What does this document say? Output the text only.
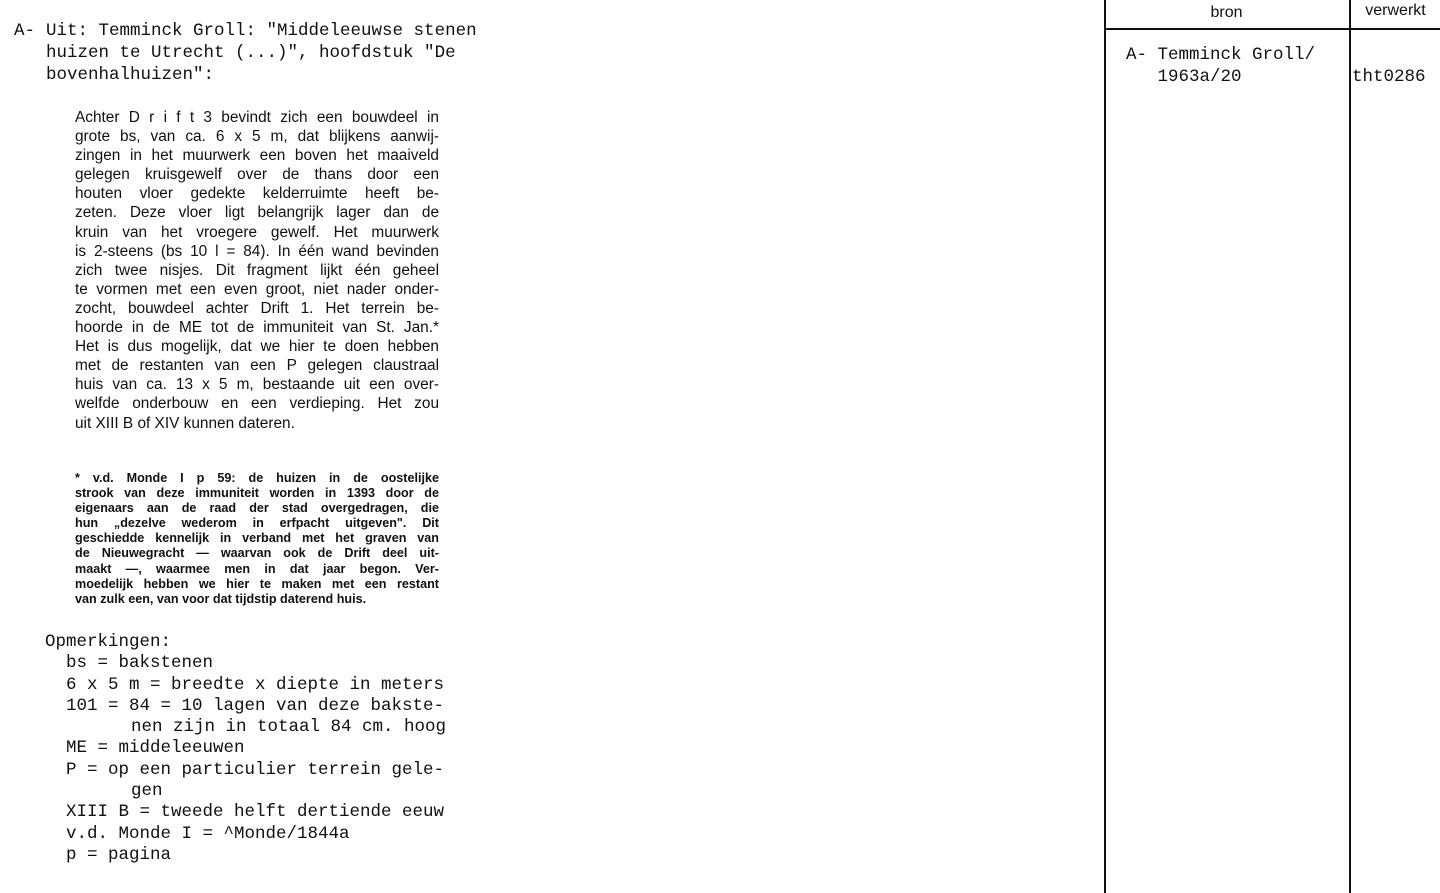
A- Uit: Temminck Groll: "Middeleeuwse stenen
huizen te Utrecht (...)", hoofdstuk "De
bovenhalhuizen":
Achter D r i f t 3 bevindt zich een bouwdeel in
grote bs, van ca. 6 x 5 m, dat blijkens aanwij-
zingen in het muurwerk een boven het maaiveld
gelegen kruisgewelf over de thans door een
houten vloer gedekte kelderruimte heeft be-
zeten. Deze vloer ligt belangrijk lager dan de
kruin van het vroegere gewelf. Het muurwerk
is 2-steens (bs 10 l = 84). In één wand bevinden
zich twee nisjes. Dit fragment lijkt één geheel
te vormen met een even groot, niet nader onder-
zocht, bouwdeel achter Drift 1. Het terrein be-
hoorde in de ME tot de immuniteit van St. Jan.*
Het is dus mogelijk, dat we hier te doen hebben
met de restanten van een P gelegen claustraal
huis van ca. 13 x 5 m, bestaande uit een over-
welfde onderbouw en een verdieping. Het zou
uit XIII B of XIV kunnen dateren.
* v.d. Monde I p 59: de huizen in de oostelijke
strook van deze immuniteit worden in 1393 door de
eigenaars aan de raad der stad overgedragen, die
hun „dezelve wederom in erfpacht uitgeven". Dit
geschiedde kennelijk in verband met het graven van
de Nieuwegracht — waarvan ook de Drift deel uit-
maakt —, waarmee men in dat jaar begon. Ver-
moedelijk hebben we hier te maken met een restant
van zulk een, van voor dat tijdstip daterend huis.
Opmerkingen:
bs = bakstenen
6 x 5 m = breedte x diepte in meters
101 = 84 = 10 lagen van deze bakste-
nen zijn in totaal 84 cm. hoog
ME = middeleeuwen
P = op een particulier terrein gele-
gen
XIII B = tweede helft dertiende eeuw
v.d. Monde I = ^Monde/1844a
p = pagina
bron	verwerkt
A- Temminck Groll/
1963a/20	tht0286
